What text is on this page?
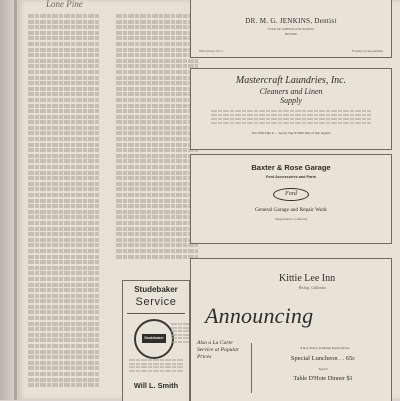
Lone Pine
DR. M. G. JENKINS, Dentist
STAR OF AMERICA BUILDING
BISHOP
Office Hours: 9 to 5	Evenings by Appointment
Mastercraft Laundries, Inc.
Cleaners and Linen
Supply
You Will Like It — Get in Touch With One of Our Agents
Baxter & Rose Garage
Ford Accessories and Parts
Ford
General Garage and Repair Work
Independence, California
Kittie Lee Inn
Bishop, California
Announcing
Also a La Carte Service at Popular Prices
A New Policy in Dining Room Service
Special Luncheon . . 65c
Special
Table D'Hote Dinner $1
Studebaker
Service
Studebaker
Will L. Smith
